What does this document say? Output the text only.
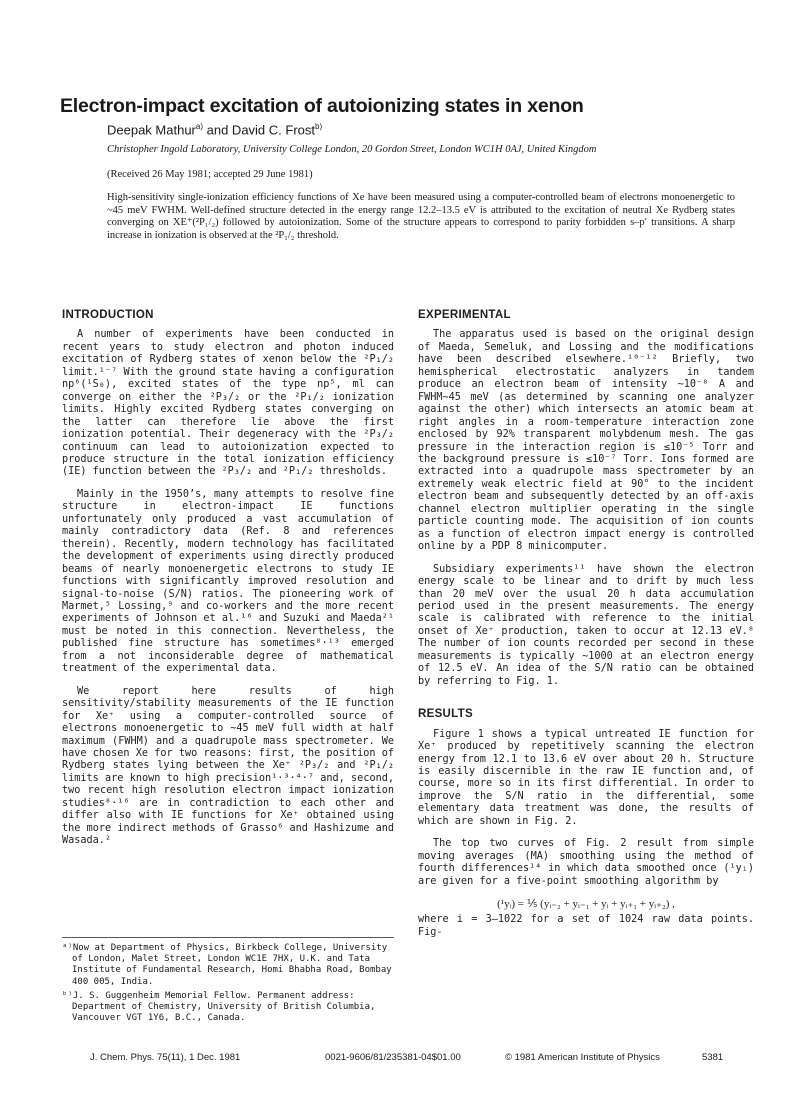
Electron-impact excitation of autoionizing states in xenon
Deepak Mathur$^{a)}$ and David C. Frost$^{b)}$
Christopher Ingold Laboratory, University College London, 20 Gordon Street, London WC1H 0AJ, United Kingdom
(Received 26 May 1981; accepted 29 June 1981)
High-sensitivity single-ionization efficiency functions of Xe have been measured using a computer-controlled beam of electrons monoenergetic to ~45 meV FWHM. Well-defined structure detected in the energy range 12.2–13.5 eV is attributed to the excitation of neutral Xe Rydberg states converging on XE⁺(²P₁/₂) followed by autoionization. Some of the structure appears to correspond to parity forbidden s–p′ transitions. A sharp increase in ionization is observed at the ²P₁/₂ threshold.
INTRODUCTION

A number of experiments have been conducted in recent years to study electron and photon induced excitation of Rydberg states of xenon below the ²P₁/₂ limit.¹⁻⁷ With the ground state having a configuration np⁶(¹S₀), excited states of the type np⁵, ml can converge on either the ²P₃/₂ or the ²P₁/₂ ionization limits. Highly excited Rydberg states converging on the latter can therefore lie above the first ionization potential. Their degeneracy with the ²P₃/₂ continuum can lead to autoionization expected to produce structure in the total ionization efficiency (IE) function between the ²P₃/₂ and ²P₁/₂ thresholds.

Mainly in the 1950’s, many attempts to resolve fine structure in electron-impact IE functions unfortunately only produced a vast accumulation of mainly contradictory data (Ref. 8 and references therein). Recently, modern technology has facilitated the development of experiments using directly produced beams of nearly monoenergetic electrons to study IE functions with significantly improved resolution and signal-to-noise (S/N) ratios. The pioneering work of Marmet,⁵ Lossing,⁹ and co-workers and the more recent experiments of Johnson et al.¹⁶ and Suzuki and Maeda²¹ must be noted in this connection. Nevertheless, the published fine structure has sometimes⁸·¹³ emerged from a not inconsiderable degree of mathematical treatment of the experimental data.

We report here results of high sensitivity/stability measurements of the IE function for Xe⁺ using a computer-controlled source of electrons monoenergetic to ~45 meV full width at half maximum (FWHM) and a quadrupole mass spectrometer. We have chosen Xe for two reasons: first, the position of Rydberg states lying between the Xe⁺ ²P₃/₂ and ²P₁/₂ limits are known to high precision¹·³·⁴·⁷ and, second, two recent high resolution electron impact ionization studies⁸·¹⁶ are in contradiction to each other and differ also with IE functions for Xe⁺ obtained using the more indirect methods of Grasso⁶ and Hashizume and Wasada.²

ᵃ⁾Now at Department of Physics, Birkbeck College, University of London, Malet Street, London WC1E 7HX, U.K. and Tata Institute of Fundamental Research, Homi Bhabha Road, Bombay 400 005, India.

ᵇ⁾J. S. Guggenheim Memorial Fellow. Permanent address: Department of Chemistry, University of British Columbia, Vancouver VGT 1Y6, B.C., Canada.

EXPERIMENTAL

The apparatus used is based on the original design of Maeda, Semeluk, and Lossing and the modifications have been described elsewhere.¹⁰⁻¹² Briefly, two hemispherical electrostatic analyzers in tandem produce an electron beam of intensity ~10⁻⁸ A and FWHM~45 meV (as determined by scanning one analyzer against the other) which intersects an atomic beam at right angles in a room-temperature interaction zone enclosed by 92% transparent molybdenum mesh. The gas pressure in the interaction region is ≤10⁻⁵ Torr and the background pressure is ≤10⁻⁷ Torr. Ions formed are extracted into a quadrupole mass spectrometer by an extremely weak electric field at 90° to the incident electron beam and subsequently detected by an off-axis channel electron multiplier operating in the single particle counting mode. The acquisition of ion counts as a function of electron impact energy is controlled online by a PDP 8 minicomputer.

Subsidiary experiments¹¹ have shown the electron energy scale to be linear and to drift by much less than 20 meV over the usual 20 h data accumulation period used in the present measurements. The energy scale is calibrated with reference to the initial onset of Xe⁺ production, taken to occur at 12.13 eV.⁸ The number of ion counts recorded per second in these measurements is typically ~1000 at an electron energy of 12.5 eV. An idea of the S/N ratio can be obtained by referring to Fig. 1.

RESULTS

Figure 1 shows a typical untreated IE function for Xe⁺ produced by repetitively scanning the electron energy from 12.1 to 13.6 eV over about 20 h. Structure is easily discernible in the raw IE function and, of course, more so in its first differential. In order to improve the S/N ratio in the differential, some elementary data treatment was done, the results of which are shown in Fig. 2.

The top two curves of Fig. 2 result from simple moving averages (MA) smoothing using the method of fourth differences¹⁴ in which data smoothed once (¹yᵢ) are given for a five-point smoothing algorithm by

(¹yᵢ) = ⅕ (yᵢ₋₂ + yᵢ₋₁ + yᵢ + yᵢ₊₁ + yᵢ₊₂) ,

where i = 3–1022 for a set of 1024 raw data points. Fig-

J. Chem. Phys. 75(11), 1 Dec. 1981	0021-9606/81/235381-04$01.00	© 1981 American Institute of Physics	5381
